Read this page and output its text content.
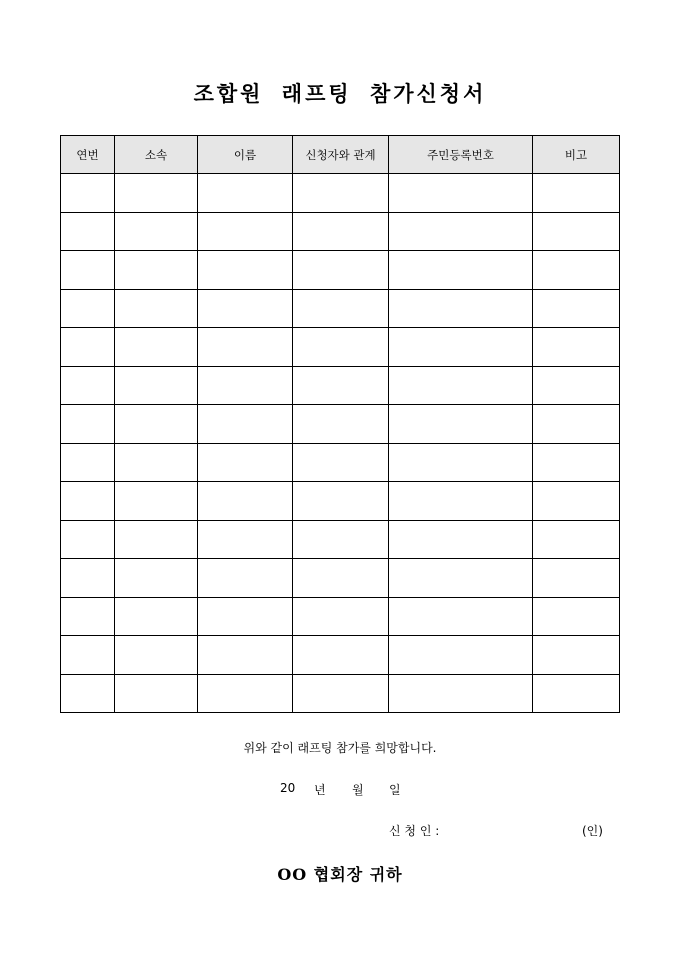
조합원 래프팅 참가신청서
연번	소속	이름	신청자와 관계	주민등록번호	비고

위와 같이 래프팅 참가를 희망합니다.
20	년	월	일
신 청 인 :	(인)
OO 협회장 귀하
